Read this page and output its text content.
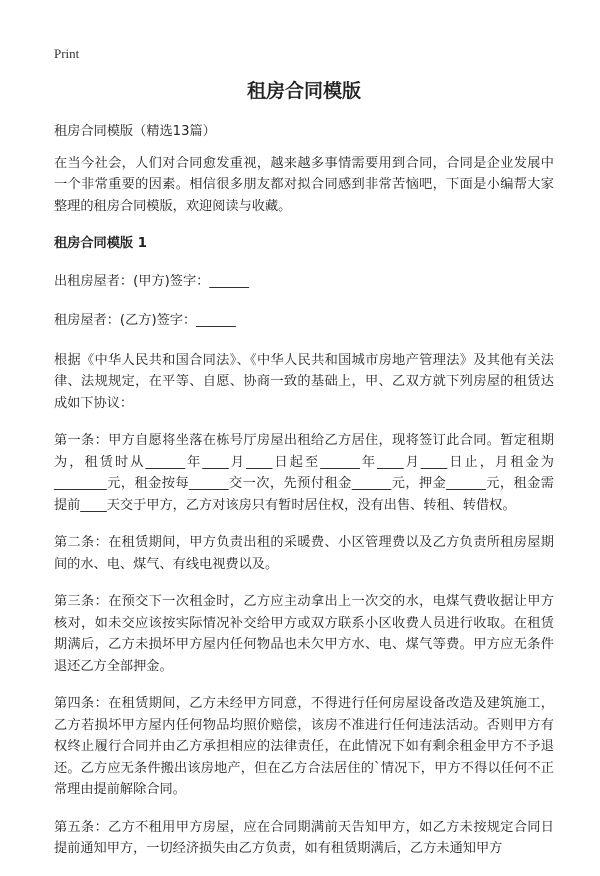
Print
租房合同模版
租房合同模版（精选13篇）
在当今社会，人们对合同愈发重视，越来越多事情需要用到合同，合同是企业发展中一个非常重要的因素。相信很多朋友都对拟合同感到非常苦恼吧，下面是小编帮大家整理的租房合同模版，欢迎阅读与收藏。
租房合同模版 1
出租房屋者：(甲方)签字：______
租房屋者：(乙方)签字：______
根据《中华人民共和国合同法》、《中华人民共和国城市房地产管理法》及其他有关法律、法规规定，在平等、自愿、协商一致的基础上，甲、乙双方就下列房屋的租赁达成如下协议：
第一条：甲方自愿将坐落在栋号厅房屋出租给乙方居住，现将签订此合同。暂定租期为，租赁时从______年____月____日起至______年____月____日止，月租金为________元，租金按每______交一次，先预付租金______元，押金______元，租金需提前____天交于甲方，乙方对该房只有暂时居住权，没有出售、转租、转借权。
第二条：在租赁期间，甲方负责出租的采暖费、小区管理费以及乙方负责所租房屋期间的水、电、煤气、有线电视费以及。
第三条：在预交下一次租金时，乙方应主动拿出上一次交的水，电煤气费收据让甲方核对，如未交应该按实际情况补交给甲方或双方联系小区收费人员进行收取。在租赁期满后，乙方未损坏甲方屋内任何物品也未欠甲方水、电、煤气等费。甲方应无条件退还乙方全部押金。
第四条：在租赁期间，乙方未经甲方同意，不得进行任何房屋设备改造及建筑施工，乙方若损坏甲方屋内任何物品均照价赔偿，该房不准进行任何违法活动。否则甲方有权终止履行合同并由乙方承担相应的法律责任，在此情况下如有剩余租金甲方不予退还。乙方应无条件搬出该房地产，但在乙方合法居住的`情况下，甲方不得以任何不正常理由提前解除合同。
第五条：乙方不租用甲方房屋，应在合同期满前天告知甲方，如乙方未按规定合同日提前通知甲方，一切经济损失由乙方负责，如有租赁期满后，乙方未通知甲方
